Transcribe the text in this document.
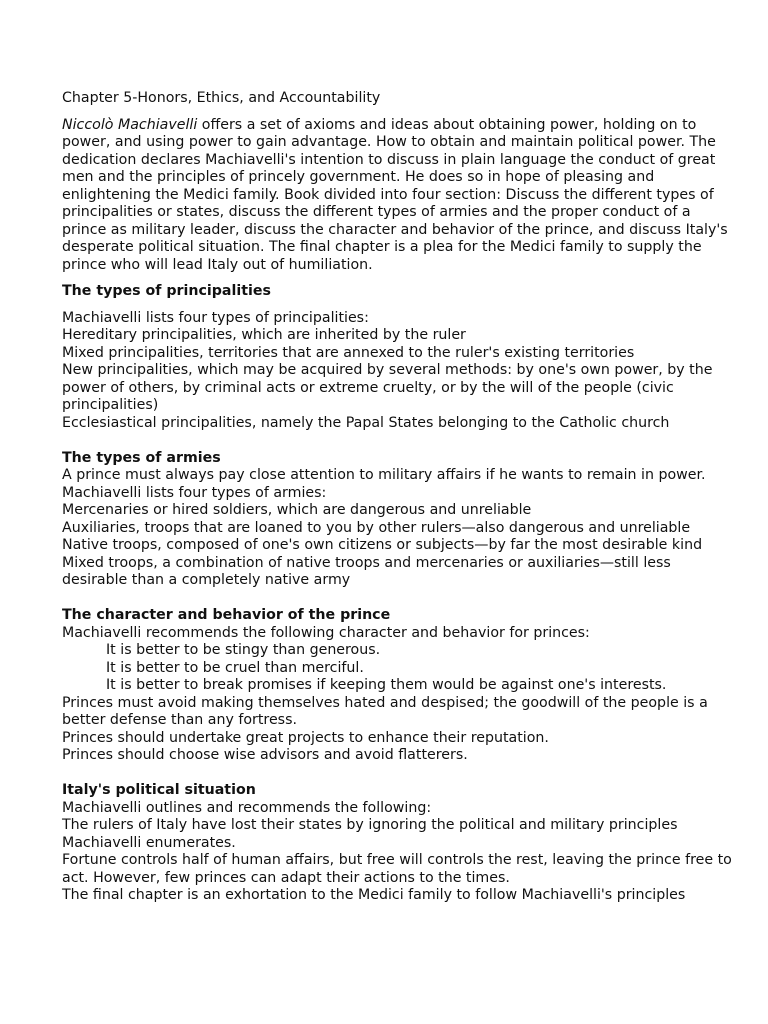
Chapter 5-Honors, Ethics, and Accountability

Niccolò Machiavelli offers a set of axioms and ideas about obtaining power, holding on to power, and using power to gain advantage. How to obtain and maintain political power. The dedication declares Machiavelli's intention to discuss in plain language the conduct of great men and the principles of princely government. He does so in hope of pleasing and enlightening the Medici family. Book divided into four section: Discuss the different types of principalities or states, discuss the different types of armies and the proper conduct of a prince as military leader, discuss the character and behavior of the prince, and discuss Italy's desperate political situation. The final chapter is a plea for the Medici family to supply the prince who will lead Italy out of humiliation.

The types of principalities

Machiavelli lists four types of principalities:

Hereditary principalities, which are inherited by the ruler

Mixed principalities, territories that are annexed to the ruler's existing territories

New principalities, which may be acquired by several methods: by one's own power, by the power of others, by criminal acts or extreme cruelty, or by the will of the people (civic principalities)

Ecclesiastical principalities, namely the Papal States belonging to the Catholic church

The types of armies

A prince must always pay close attention to military affairs if he wants to remain in power. Machiavelli lists four types of armies:

Mercenaries or hired soldiers, which are dangerous and unreliable

Auxiliaries, troops that are loaned to you by other rulers—also dangerous and unreliable

Native troops, composed of one's own citizens or subjects—by far the most desirable kind

Mixed troops, a combination of native troops and mercenaries or auxiliaries—still less desirable than a completely native army

The character and behavior of the prince

Machiavelli recommends the following character and behavior for princes:

It is better to be stingy than generous.

It is better to be cruel than merciful.

It is better to break promises if keeping them would be against one's interests.

Princes must avoid making themselves hated and despised; the goodwill of the people is a better defense than any fortress.

Princes should undertake great projects to enhance their reputation.

Princes should choose wise advisors and avoid flatterers.

Italy's political situation

Machiavelli outlines and recommends the following:

The rulers of Italy have lost their states by ignoring the political and military principles Machiavelli enumerates.

Fortune controls half of human affairs, but free will controls the rest, leaving the prince free to act. However, few princes can adapt their actions to the times.

The final chapter is an exhortation to the Medici family to follow Machiavelli's principles
